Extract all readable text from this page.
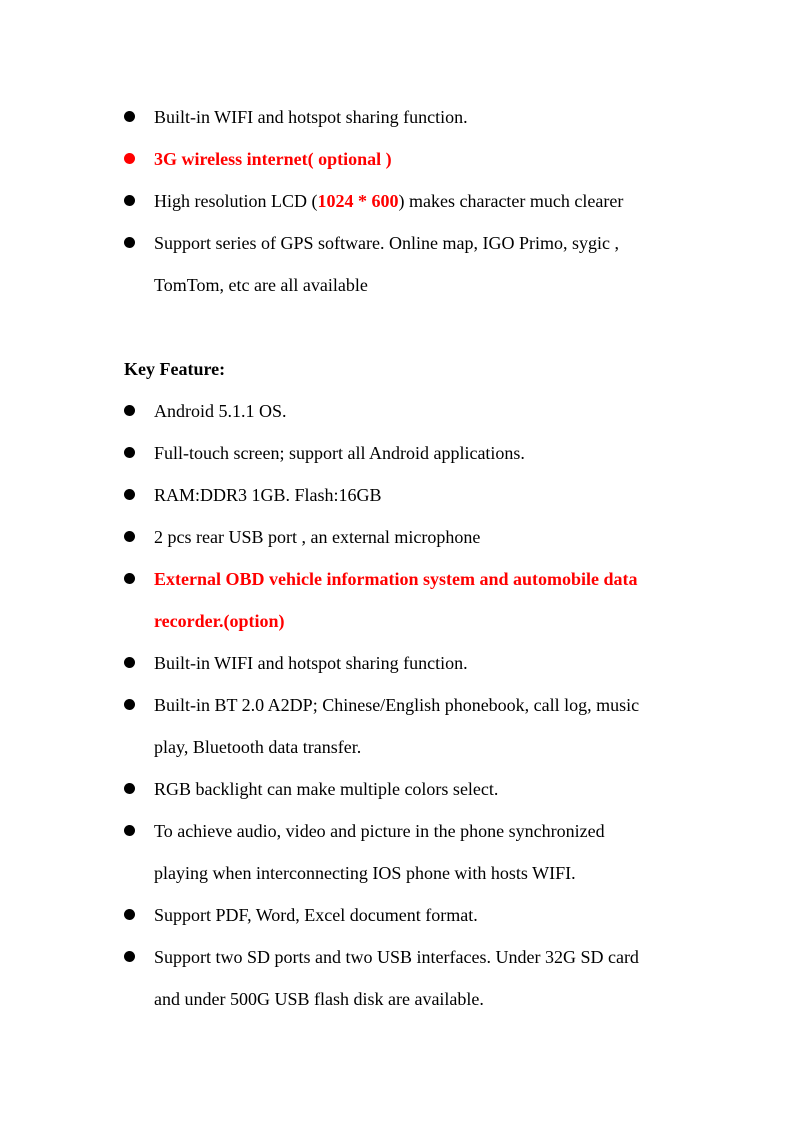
Built-in WIFI and hotspot sharing function.
3G wireless internet( optional )
High resolution LCD (1024 * 600) makes character much clearer
Support series of GPS software. Online map, IGO Primo, sygic ,
TomTom, etc are all available
Key Feature:
Android 5.1.1 OS.
Full-touch screen; support all Android applications.
RAM:DDR3 1GB. Flash:16GB
2 pcs rear USB port , an external microphone
External OBD vehicle information system and automobile data
recorder.(option)
Built-in WIFI and hotspot sharing function.
Built-in BT 2.0 A2DP; Chinese/English phonebook, call log, music
play, Bluetooth data transfer.
RGB backlight can make multiple colors select.
To achieve audio, video and picture in the phone synchronized
playing when interconnecting IOS phone with hosts WIFI.
Support PDF, Word, Excel document format.
Support two SD ports and two USB interfaces. Under 32G SD card
and under 500G USB flash disk are available.
